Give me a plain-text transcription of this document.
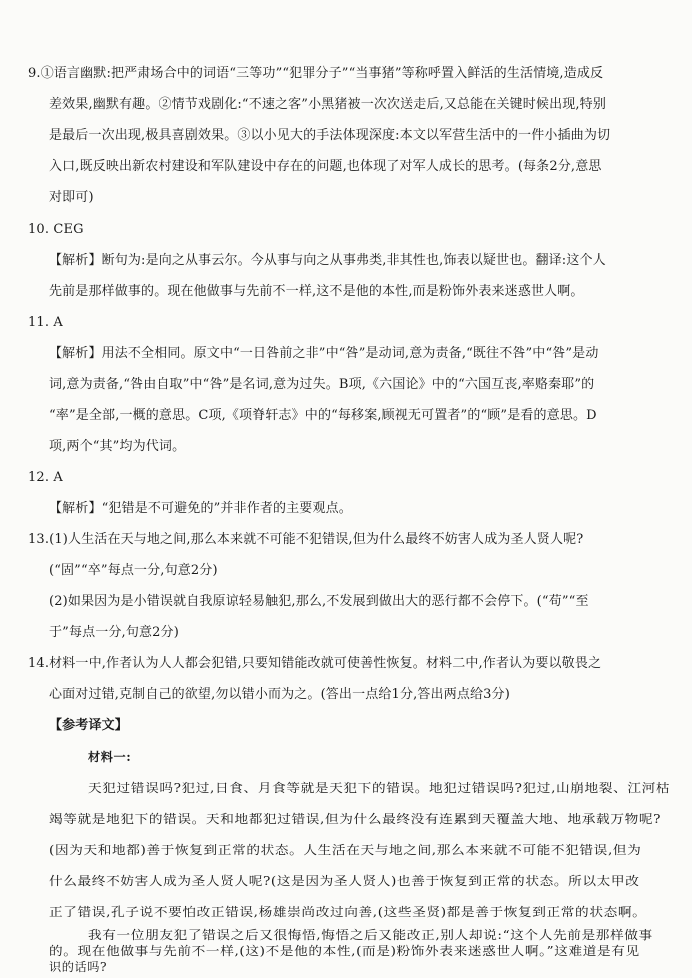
9.①语言幽默:把严肃场合中的词语“三等功”“犯罪分子”“当事猪”等称呼置入鲜活的生活情境,造成反
差效果,幽默有趣。②情节戏剧化:“不速之客”小黑猪被一次次送走后,又总能在关键时候出现,特别
是最后一次出现,极具喜剧效果。③以小见大的手法体现深度:本文以军营生活中的一件小插曲为切
入口,既反映出新农村建设和军队建设中存在的问题,也体现了对军人成长的思考。(每条2分,意思
对即可)
10. CEG
【解析】断句为:是向之从事云尔。今从事与向之从事弗类,非其性也,饰表以疑世也。翻译:这个人
先前是那样做事的。现在他做事与先前不一样,这不是他的本性,而是粉饰外表来迷惑世人啊。
11. A
【解析】用法不全相同。原文中“一日咎前之非”中“咎”是动词,意为责备,“既往不咎”中“咎”是动
词,意为责备,“咎由自取”中“咎”是名词,意为过失。B项,《六国论》中的“六国互丧,率赂秦耶”的
“率”是全部,一概的意思。C项,《项脊轩志》中的“每移案,顾视无可置者”的“顾”是看的意思。D
项,两个“其”均为代词。
12. A
【解析】“犯错是不可避免的”并非作者的主要观点。
13.(1)人生活在天与地之间,那么本来就不可能不犯错误,但为什么最终不妨害人成为圣人贤人呢?
(“固”“卒”每点一分,句意2分)
(2)如果因为是小错误就自我原谅轻易触犯,那么,不发展到做出大的恶行都不会停下。(“苟”“至
于”每点一分,句意2分)
14.材料一中,作者认为人人都会犯错,只要知错能改就可使善性恢复。材料二中,作者认为要以敬畏之
心面对过错,克制自己的欲望,勿以错小而为之。(答出一点给1分,答出两点给3分)
【参考译文】
材料一:
天犯过错误吗?犯过,日食、月食等就是天犯下的错误。地犯过错误吗?犯过,山崩地裂、江河枯
竭等就是地犯下的错误。天和地都犯过错误,但为什么最终没有连累到天覆盖大地、地承载万物呢?
(因为天和地都)善于恢复到正常的状态。人生活在天与地之间,那么本来就不可能不犯错误,但为
什么最终不妨害人成为圣人贤人呢?(这是因为圣人贤人)也善于恢复到正常的状态。所以太甲改
正了错误,孔子说不要怕改正错误,杨雄崇尚改过向善,(这些圣贤)都是善于恢复到正常的状态啊。
我有一位朋友犯了错误之后又很悔悟,悔悟之后又能改正,别人却说:“这个人先前是那样做事
的。现在他做事与先前不一样,(这)不是他的本性,(而是)粉饰外表来迷惑世人啊。”这难道是有见
识的话吗?
